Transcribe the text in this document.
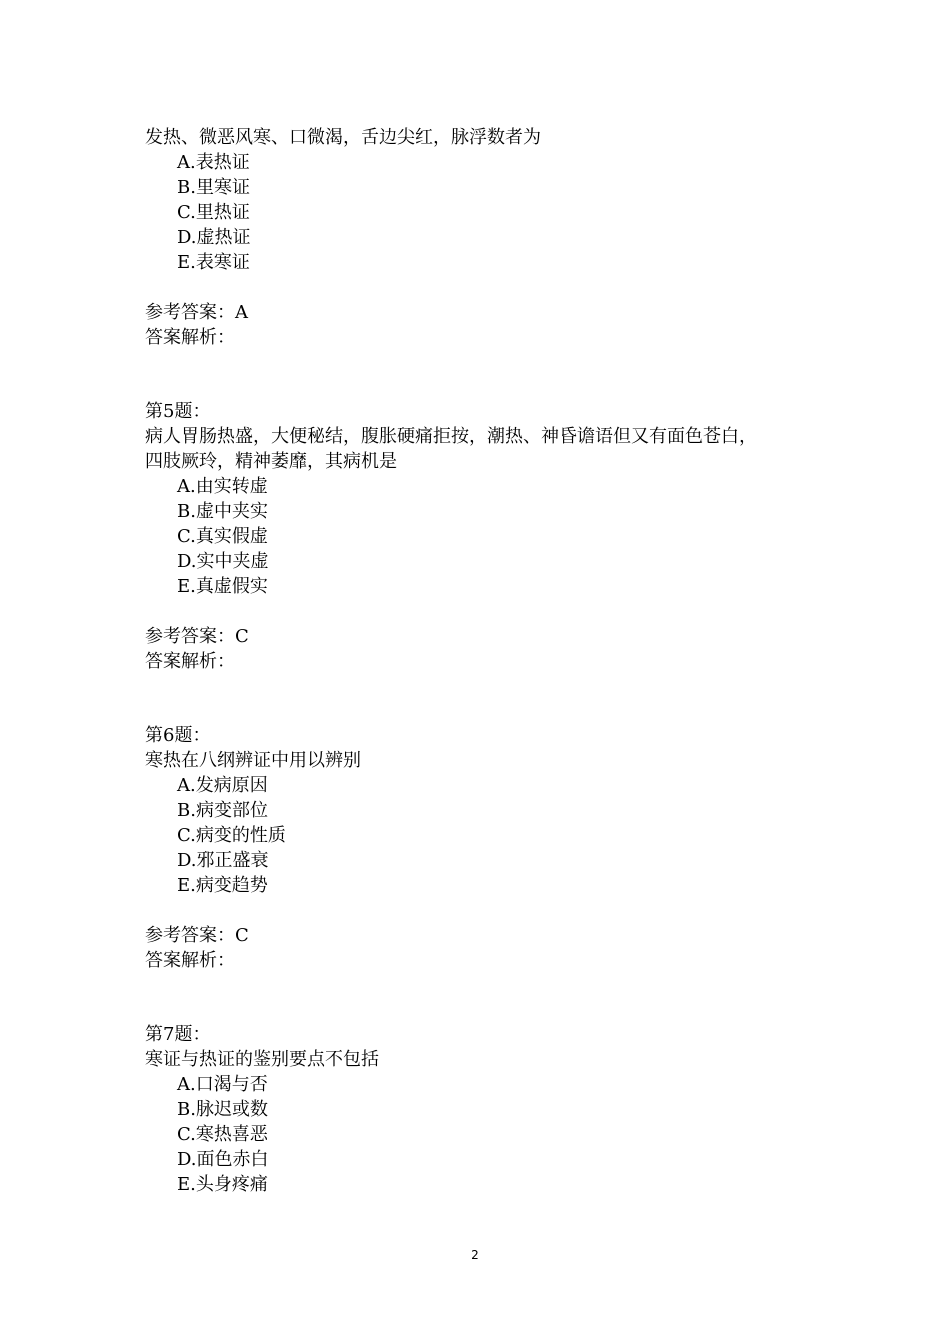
发热、微恶风寒、口微渴，舌边尖红，脉浮数者为
A.表热证
B.里寒证
C.里热证
D.虚热证
E.表寒证
参考答案：A
答案解析：
第5题：
病人胃肠热盛，大便秘结，腹胀硬痛拒按，潮热、神昏谵语但又有面色苍白，
四肢厥玲，精神萎靡，其病机是
A.由实转虚
B.虚中夹实
C.真实假虚
D.实中夹虚
E.真虚假实
参考答案：C
答案解析：
第6题：
寒热在八纲辨证中用以辨别
A.发病原因
B.病变部位
C.病变的性质
D.邪正盛衰
E.病变趋势
参考答案：C
答案解析：
第7题：
寒证与热证的鉴别要点不包括
A.口渴与否
B.脉迟或数
C.寒热喜恶
D.面色赤白
E.头身疼痛
2
